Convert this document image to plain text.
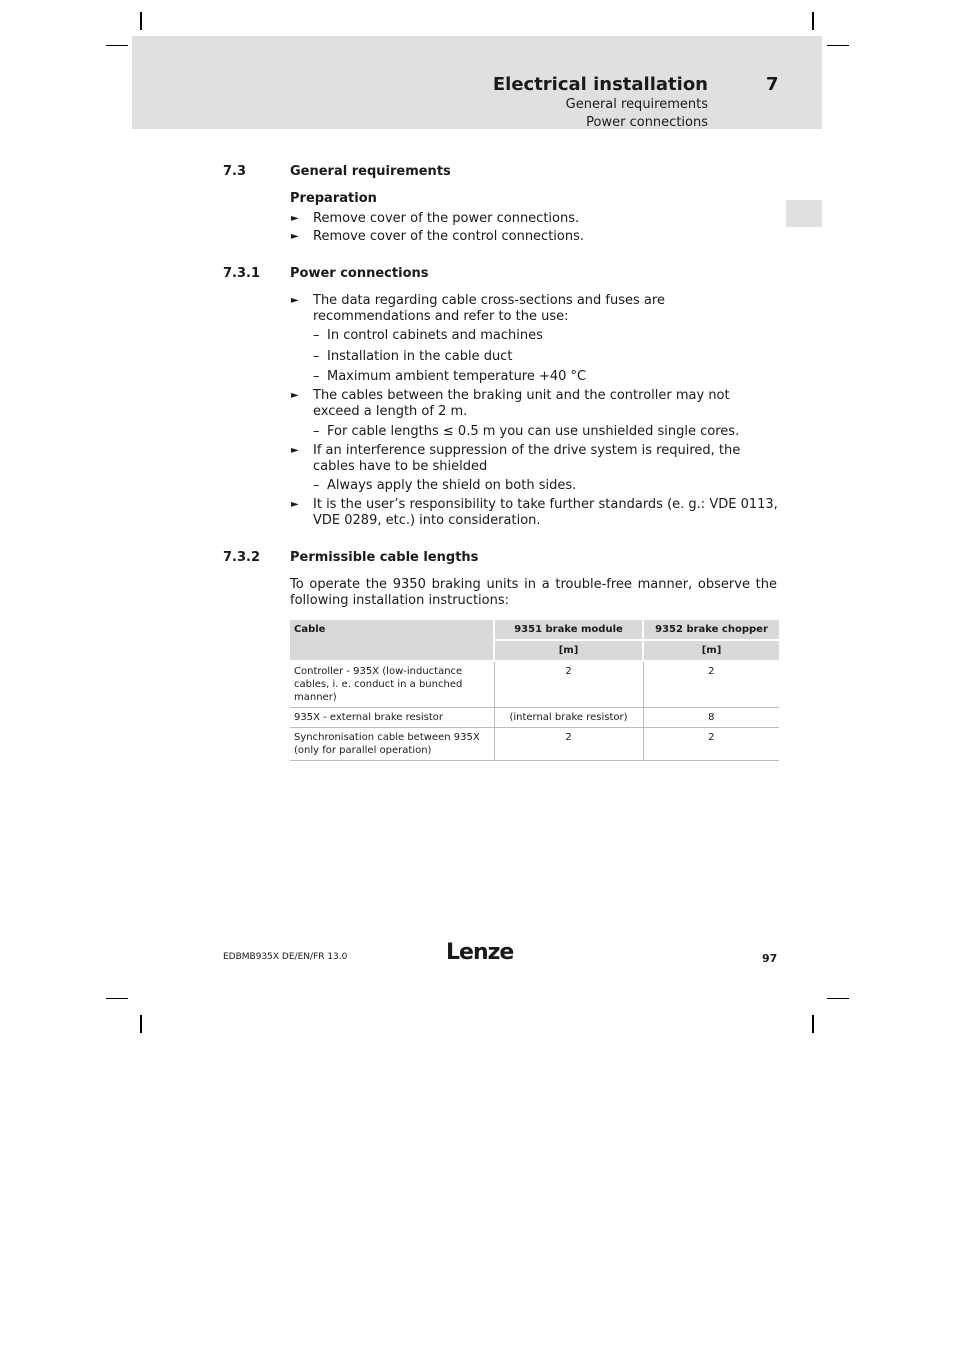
Electrical installation	7
General requirements
Power connections
7.3	General requirements
Preparation
► Remove cover of the power connections.
► Remove cover of the control connections.
7.3.1 Power connections
► The data regarding cable cross-sections and fuses are recommendations and refer to the use:
– In control cabinets and machines
– Installation in the cable duct
– Maximum ambient temperature +40 °C
► The cables between the braking unit and the controller may not exceed a length of 2 m.
– For cable lengths ≤ 0.5 m you can use unshielded single cores.
► If an interference suppression of the drive system is required, the cables have to be shielded
– Always apply the shield on both sides.
► It is the user’s responsibility to take further standards (e. g.: VDE 0113, VDE 0289, etc.) into consideration.
7.3.2 Permissible cable lengths
To operate the 9350 braking units in a trouble-free manner, observe the following installation instructions:
Cable	9351 brake module	9352 brake chopper
	[m]	[m]
Controller - 935X (low-inductance cables, i. e. conduct in a bunched manner)	2	2
935X - external brake resistor	(internal brake resistor)	8
Synchronisation cable between 935X (only for parallel operation)	2	2
EDBMB935X DE/EN/FR 13.0	Lenze	97
